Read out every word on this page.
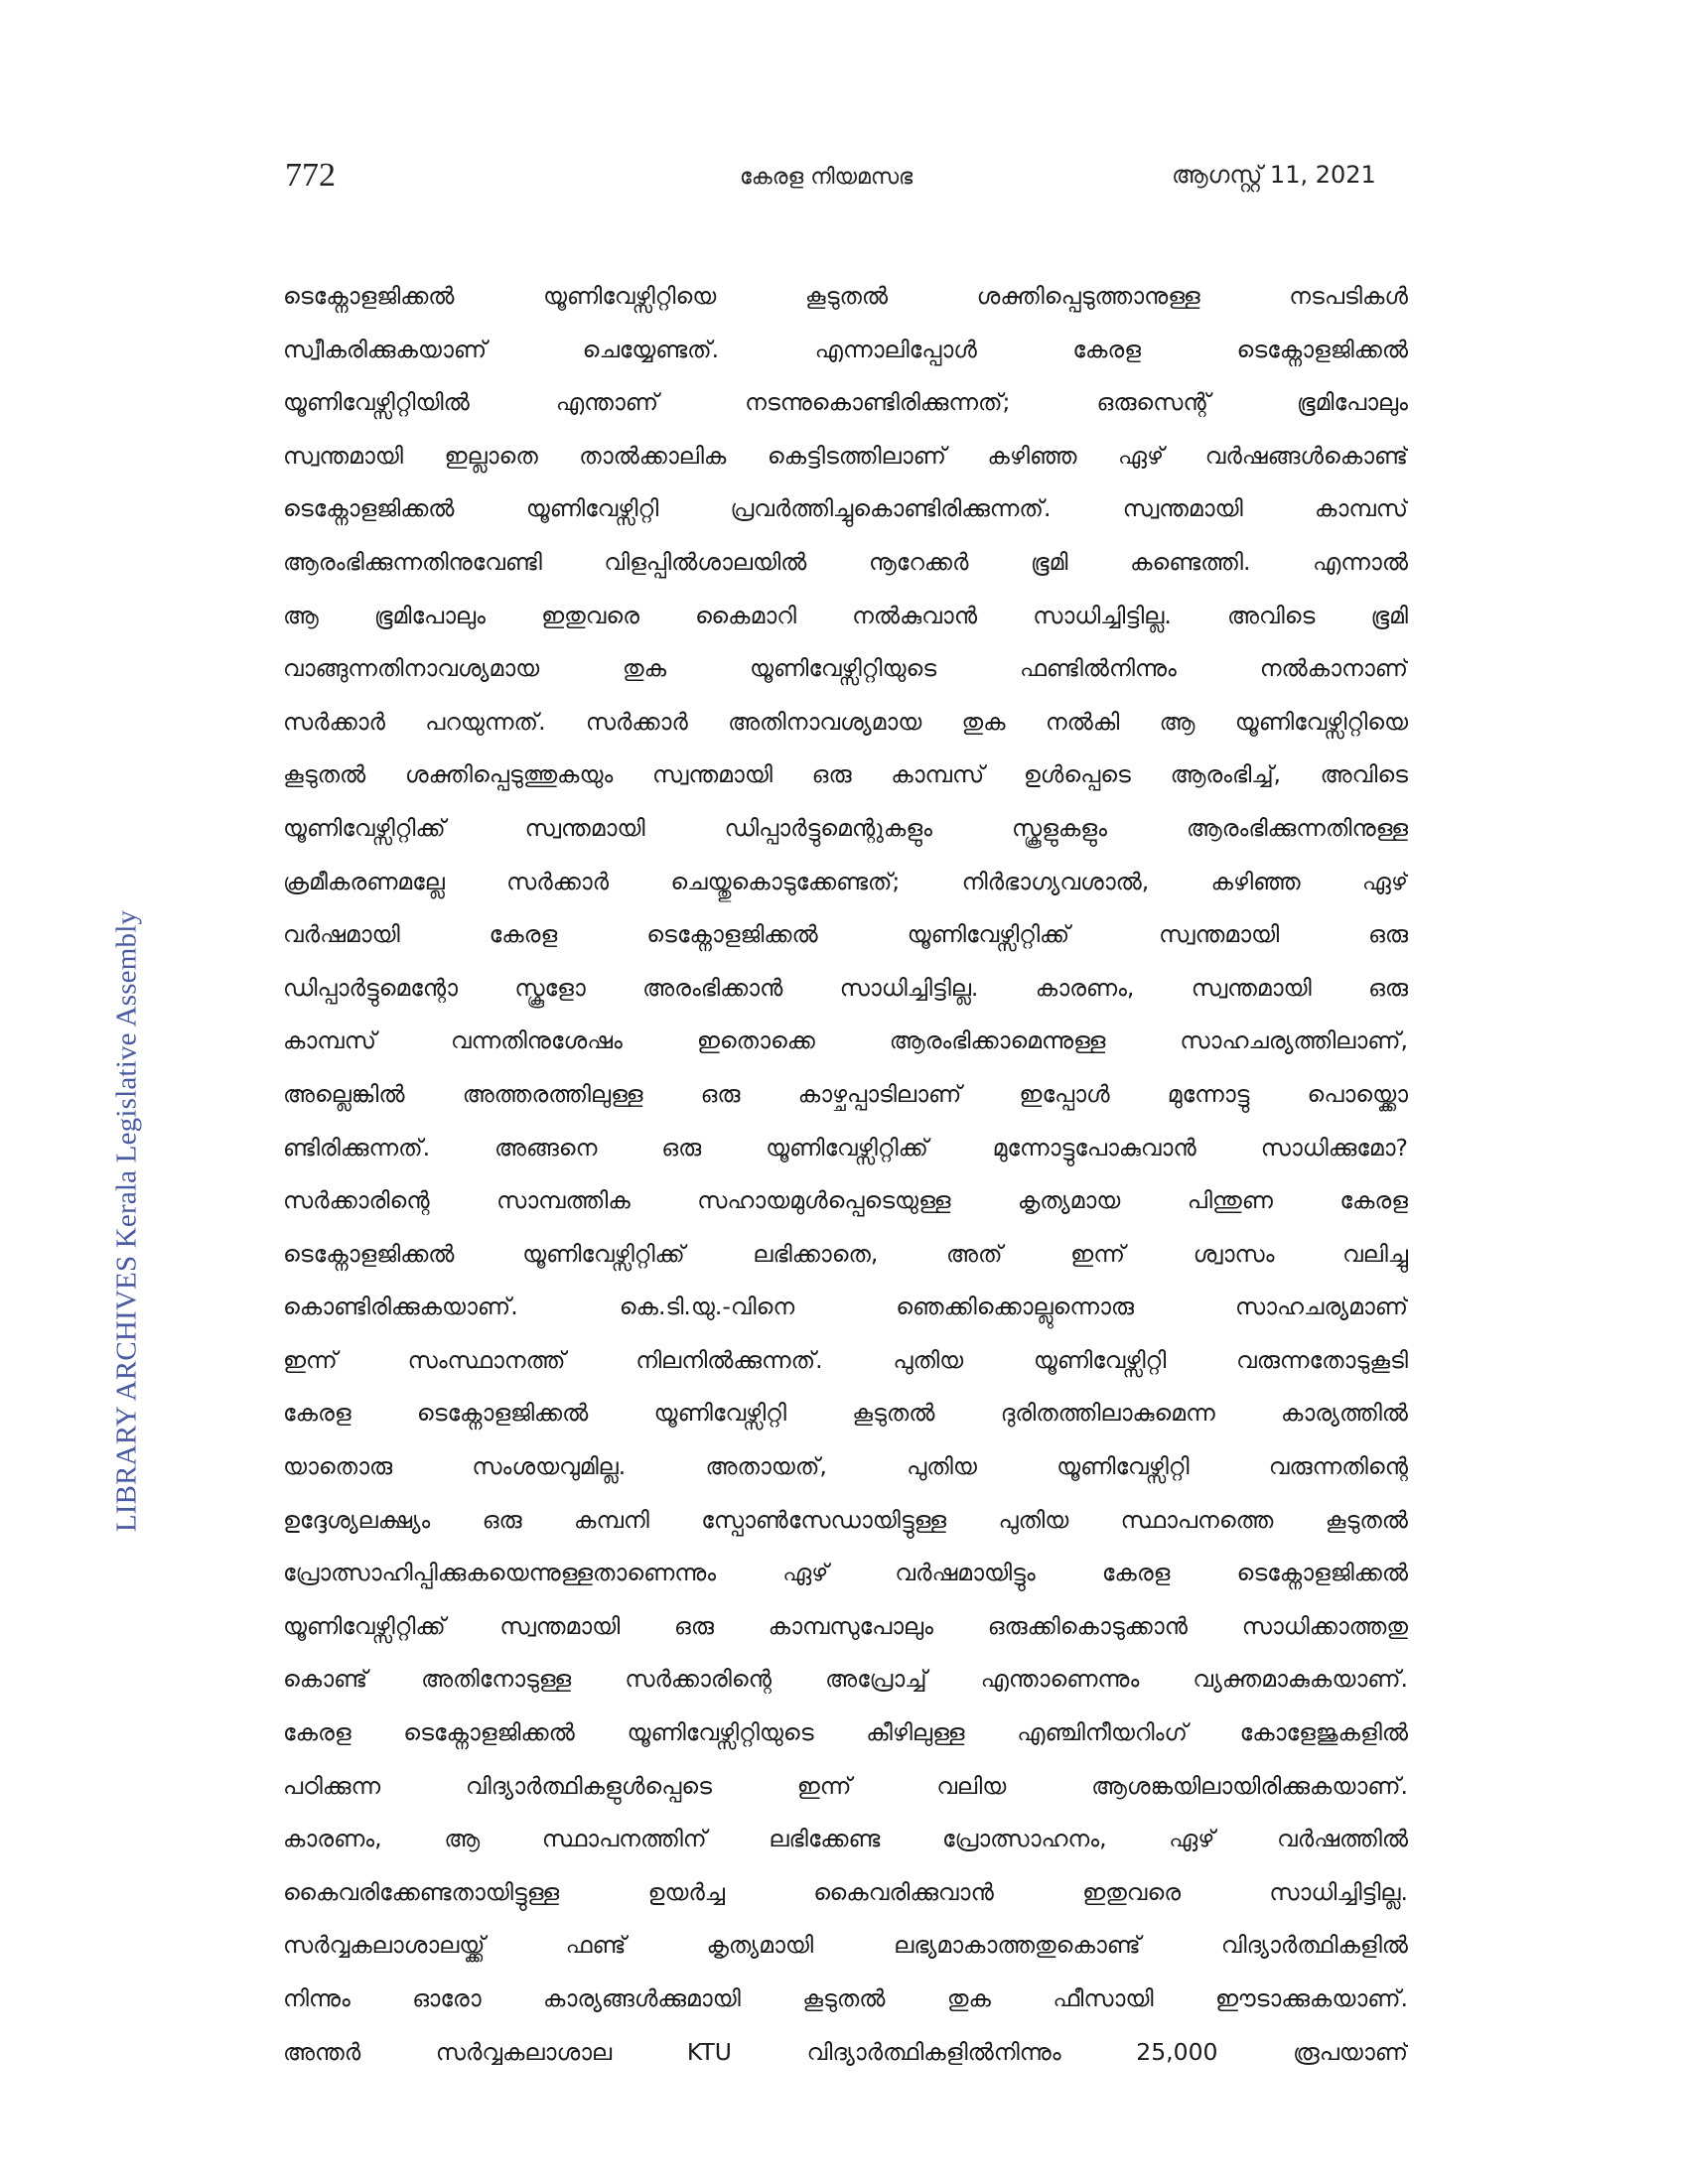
772	കേരള നിയമസഭ	ആഗസ്റ്റ് 11, 2021
LIBRARY ARCHIVES Kerala Legislative Assembly
ടെക്നോളജിക്കൽ യൂണിവേഴ്സിറ്റിയെ കൂടുതൽ ശക്തിപ്പെടുത്താനുള്ള നടപടികൾ
സ്വീകരിക്കുകയാണ് ചെയ്യേണ്ടത്. എന്നാലിപ്പോൾ കേരള ടെക്നോളജിക്കൽ
യൂണിവേഴ്സിറ്റിയിൽ എന്താണ് നടന്നുകൊണ്ടിരിക്കുന്നത്; ഒരുസെന്റ് ഭൂമിപോലും
സ്വന്തമായി ഇല്ലാതെ താൽക്കാലിക കെട്ടിടത്തിലാണ് കഴിഞ്ഞ ഏഴ് വർഷങ്ങൾകൊണ്ട്
ടെക്നോളജിക്കൽ യൂണിവേഴ്സിറ്റി പ്രവർത്തിച്ചുകൊണ്ടിരിക്കുന്നത്. സ്വന്തമായി കാമ്പസ്
ആരംഭിക്കുന്നതിനുവേണ്ടി വിളപ്പിൽശാലയിൽ നൂറേക്കർ ഭൂമി കണ്ടെത്തി. എന്നാൽ
ആ ഭൂമിപോലും ഇതുവരെ കൈമാറി നൽകുവാൻ സാധിച്ചിട്ടില്ല. അവിടെ ഭൂമി
വാങ്ങുന്നതിനാവശ്യമായ തുക യൂണിവേഴ്സിറ്റിയുടെ ഫണ്ടിൽനിന്നും നൽകാനാണ്
സർക്കാർ പറയുന്നത്. സർക്കാർ അതിനാവശ്യമായ തുക നൽകി ആ യൂണിവേഴ്സിറ്റിയെ
കൂടുതൽ ശക്തിപ്പെടുത്തുകയും സ്വന്തമായി ഒരു കാമ്പസ് ഉൾപ്പെടെ ആരംഭിച്ച്, അവിടെ
യൂണിവേഴ്സിറ്റിക്ക് സ്വന്തമായി ഡിപ്പാർട്ടുമെന്റുകളും സ്കൂളുകളും ആരംഭിക്കുന്നതിനുള്ള
ക്രമീകരണമല്ലേ സർക്കാർ ചെയ്തുകൊടുക്കേണ്ടത്; നിർഭാഗ്യവശാൽ, കഴിഞ്ഞ ഏഴ്
വർഷമായി കേരള ടെക്നോളജിക്കൽ യൂണിവേഴ്സിറ്റിക്ക് സ്വന്തമായി ഒരു
ഡിപ്പാർട്ടുമെന്റോ സ്കൂളോ അരംഭിക്കാൻ സാധിച്ചിട്ടില്ല. കാരണം, സ്വന്തമായി ഒരു
കാമ്പസ് വന്നതിനുശേഷം ഇതൊക്കെ ആരംഭിക്കാമെന്നുള്ള സാഹചര്യത്തിലാണ്,
അല്ലെങ്കിൽ അത്തരത്തിലുള്ള ഒരു കാഴ്ചപ്പാടിലാണ് ഇപ്പോൾ മുന്നോട്ടു പൊയ്ക്കൊ
ണ്ടിരിക്കുന്നത്. അങ്ങനെ ഒരു യൂണിവേഴ്സിറ്റിക്ക് മുന്നോട്ടുപോകുവാൻ സാധിക്കുമോ?
സർക്കാരിന്റെ സാമ്പത്തിക സഹായമുൾപ്പെടെയുള്ള കൃത്യമായ പിന്തുണ കേരള
ടെക്നോളജിക്കൽ യൂണിവേഴ്സിറ്റിക്ക് ലഭിക്കാതെ, അത് ഇന്ന് ശ്വാസം വലിച്ചു
കൊണ്ടിരിക്കുകയാണ്. കെ.ടി.യു.-വിനെ ഞെക്കിക്കൊല്ലുന്നൊരു സാഹചര്യമാണ്
ഇന്ന് സംസ്ഥാനത്ത് നിലനിൽക്കുന്നത്. പുതിയ യൂണിവേഴ്സിറ്റി വരുന്നതോടുകൂടി
കേരള ടെക്നോളജിക്കൽ യൂണിവേഴ്സിറ്റി കൂടുതൽ ദുരിതത്തിലാകുമെന്ന കാര്യത്തിൽ
യാതൊരു സംശയവുമില്ല. അതായത്, പുതിയ യൂണിവേഴ്സിറ്റി വരുന്നതിന്റെ
ഉദ്ദേശ്യലക്ഷ്യം ഒരു കമ്പനി സ്പോൺസേഡായിട്ടുള്ള പുതിയ സ്ഥാപനത്തെ കൂടുതൽ
പ്രോത്സാഹിപ്പിക്കുകയെന്നുള്ളതാണെന്നും ഏഴ് വർഷമായിട്ടും കേരള ടെക്നോളജിക്കൽ
യൂണിവേഴ്സിറ്റിക്ക് സ്വന്തമായി ഒരു കാമ്പസുപോലും ഒരുക്കികൊടുക്കാൻ സാധിക്കാത്തതു
കൊണ്ട് അതിനോടുള്ള സർക്കാരിന്റെ അപ്രോച്ച് എന്താണെന്നും വ്യക്തമാകുകയാണ്.
കേരള ടെക്നോളജിക്കൽ യൂണിവേഴ്സിറ്റിയുടെ കീഴിലുള്ള എഞ്ചിനീയറിംഗ് കോളേജുകളിൽ
പഠിക്കുന്ന വിദ്യാർത്ഥികളുൾപ്പെടെ ഇന്ന് വലിയ ആശങ്കയിലായിരിക്കുകയാണ്.
കാരണം, ആ സ്ഥാപനത്തിന് ലഭിക്കേണ്ട പ്രോത്സാഹനം, ഏഴ് വർഷത്തിൽ
കൈവരിക്കേണ്ടതായിട്ടുള്ള ഉയർച്ച കൈവരിക്കുവാൻ ഇതുവരെ സാധിച്ചിട്ടില്ല.
സർവ്വകലാശാലയ്ക്ക് ഫണ്ട് കൃത്യമായി ലഭ്യമാകാത്തതുകൊണ്ട് വിദ്യാർത്ഥികളിൽ
നിന്നും ഓരോ കാര്യങ്ങൾക്കുമായി കൂടുതൽ തുക ഫീസായി ഈടാക്കുകയാണ്.
അന്തർ സർവ്വകലാശാല KTU വിദ്യാർത്ഥികളിൽനിന്നും 25,000 രൂപയാണ്
